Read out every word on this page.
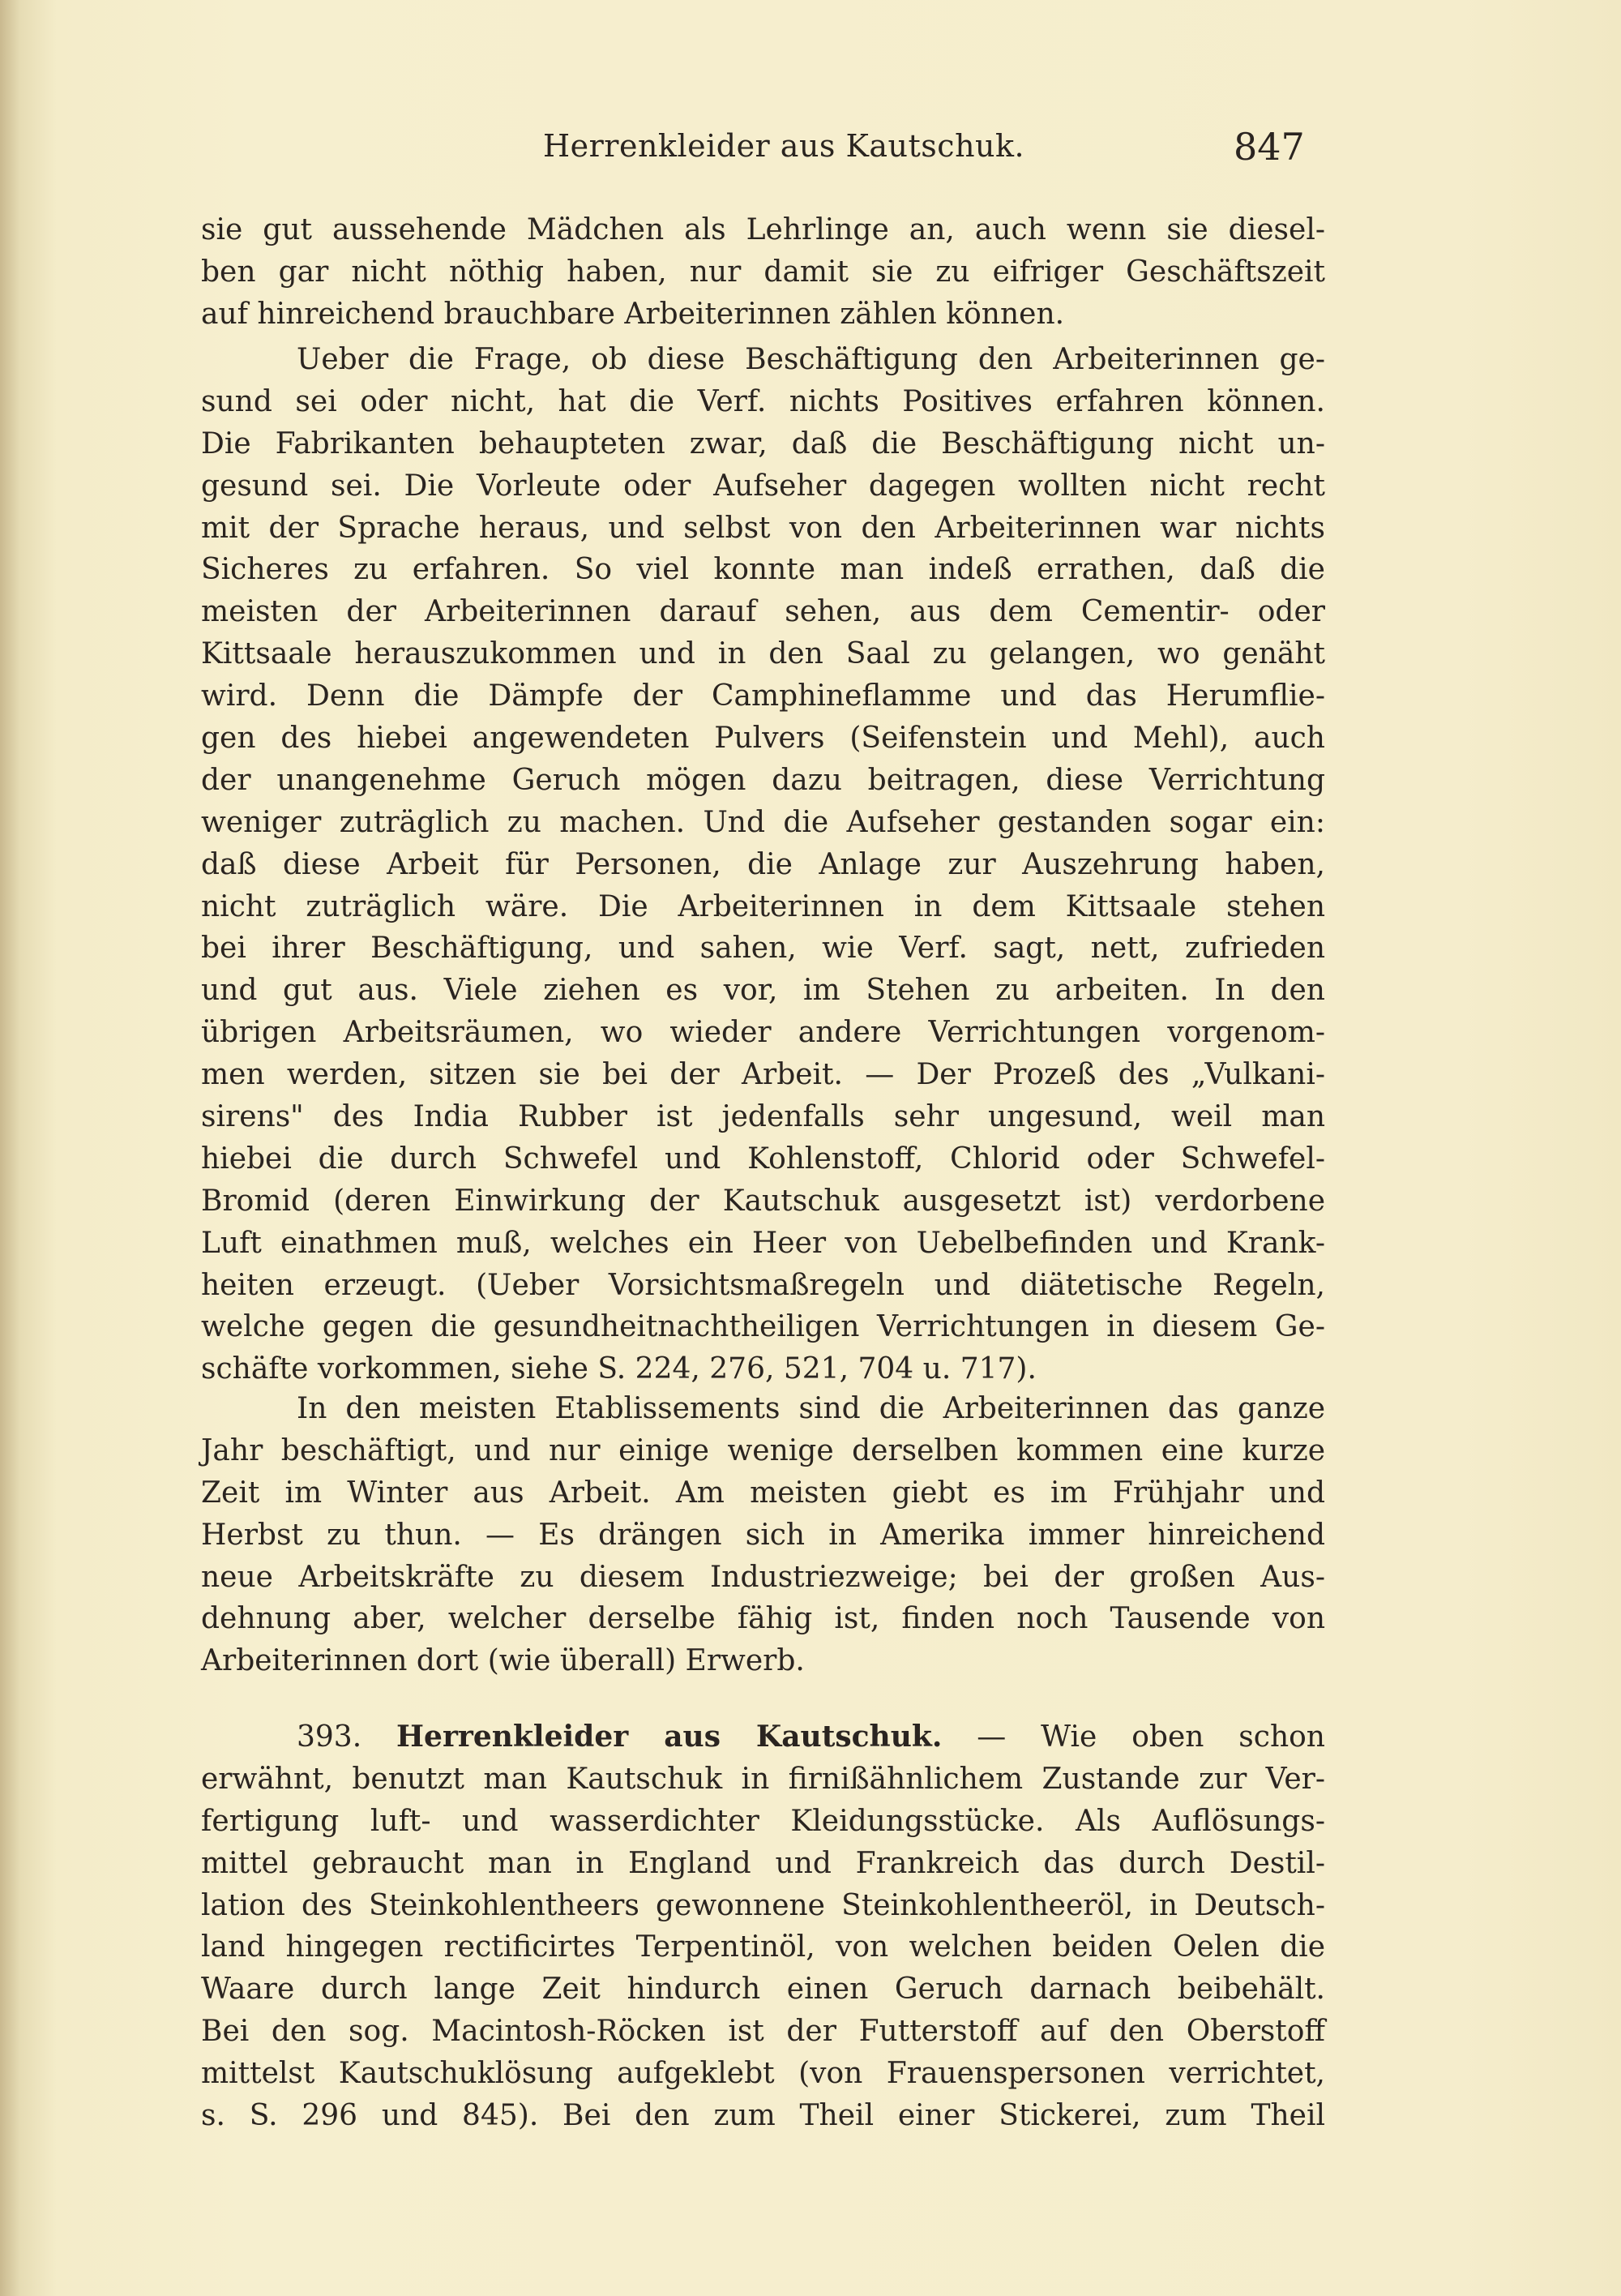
Herrenkleider aus Kautschuk.	847
sie gut aussehende Mädchen als Lehrlinge an, auch wenn sie diesel-
ben gar nicht nöthig haben, nur damit sie zu eifriger Geschäftszeit
auf hinreichend brauchbare Arbeiterinnen zählen können.
Ueber die Frage, ob diese Beschäftigung den Arbeiterinnen ge-
sund sei oder nicht, hat die Verf. nichts Positives erfahren können.
Die Fabrikanten behaupteten zwar, daß die Beschäftigung nicht un-
gesund sei. Die Vorleute oder Aufseher dagegen wollten nicht recht
mit der Sprache heraus, und selbst von den Arbeiterinnen war nichts
Sicheres zu erfahren. So viel konnte man indeß errathen, daß die
meisten der Arbeiterinnen darauf sehen, aus dem Cementir- oder
Kittsaale herauszukommen und in den Saal zu gelangen, wo genäht
wird. Denn die Dämpfe der Camphineflamme und das Herumflie-
gen des hiebei angewendeten Pulvers (Seifenstein und Mehl), auch
der unangenehme Geruch mögen dazu beitragen, diese Verrichtung
weniger zuträglich zu machen. Und die Aufseher gestanden sogar ein:
daß diese Arbeit für Personen, die Anlage zur Auszehrung haben,
nicht zuträglich wäre. Die Arbeiterinnen in dem Kittsaale stehen
bei ihrer Beschäftigung, und sahen, wie Verf. sagt, nett, zufrieden
und gut aus. Viele ziehen es vor, im Stehen zu arbeiten. In den
übrigen Arbeitsräumen, wo wieder andere Verrichtungen vorgenom-
men werden, sitzen sie bei der Arbeit. — Der Prozeß des „Vulkani-
sirens" des India Rubber ist jedenfalls sehr ungesund, weil man
hiebei die durch Schwefel und Kohlenstoff, Chlorid oder Schwefel-
Bromid (deren Einwirkung der Kautschuk ausgesetzt ist) verdorbene
Luft einathmen muß, welches ein Heer von Uebelbefinden und Krank-
heiten erzeugt. (Ueber Vorsichtsmaßregeln und diätetische Regeln,
welche gegen die gesundheitnachtheiligen Verrichtungen in diesem Ge-
schäfte vorkommen, siehe S. 224, 276, 521, 704 u. 717).
In den meisten Etablissements sind die Arbeiterinnen das ganze
Jahr beschäftigt, und nur einige wenige derselben kommen eine kurze
Zeit im Winter aus Arbeit. Am meisten giebt es im Frühjahr und
Herbst zu thun. — Es drängen sich in Amerika immer hinreichend
neue Arbeitskräfte zu diesem Industriezweige; bei der großen Aus-
dehnung aber, welcher derselbe fähig ist, finden noch Tausende von
Arbeiterinnen dort (wie überall) Erwerb.
393. Herrenkleider aus Kautschuk. — Wie oben schon
erwähnt, benutzt man Kautschuk in firnißähnlichem Zustande zur Ver-
fertigung luft- und wasserdichter Kleidungsstücke. Als Auflösungs-
mittel gebraucht man in England und Frankreich das durch Destil-
lation des Steinkohlentheers gewonnene Steinkohlentheeröl, in Deutsch-
land hingegen rectificirtes Terpentinöl, von welchen beiden Oelen die
Waare durch lange Zeit hindurch einen Geruch darnach beibehält.
Bei den sog. Macintosh-Röcken ist der Futterstoff auf den Oberstoff
mittelst Kautschuklösung aufgeklebt (von Frauenspersonen verrichtet,
s. S. 296 und 845). Bei den zum Theil einer Stickerei, zum Theil
